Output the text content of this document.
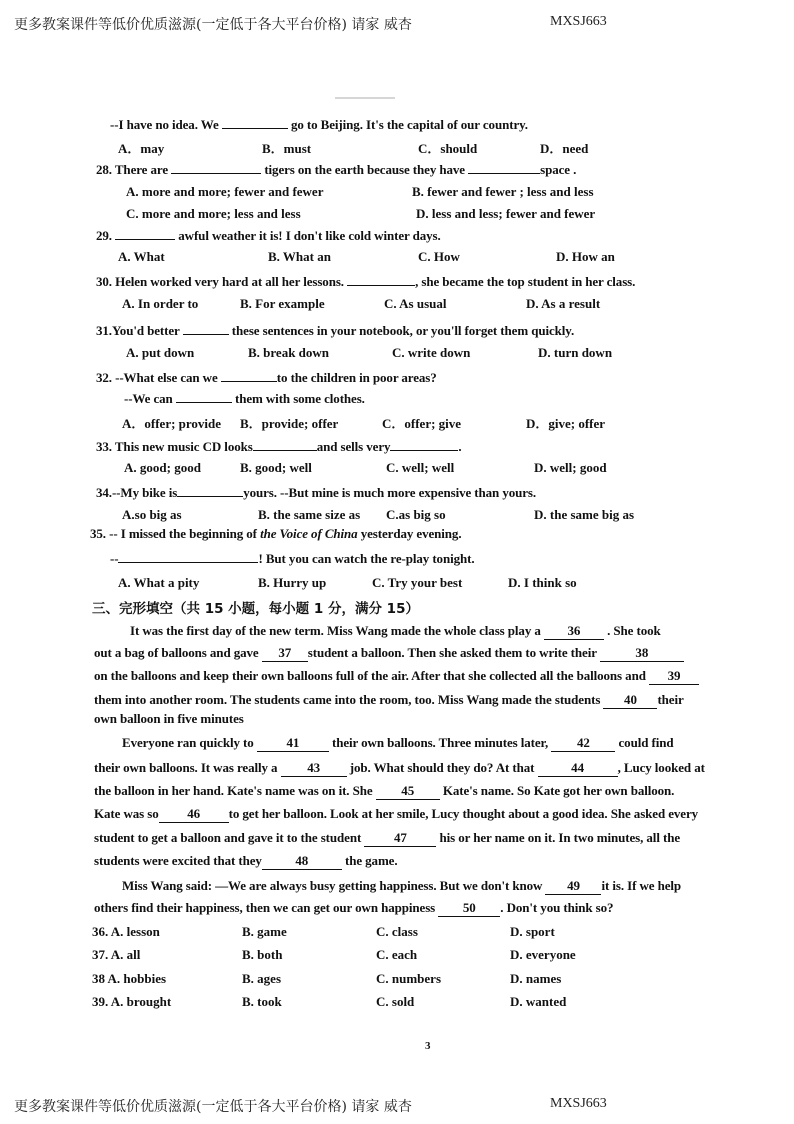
更多教案课件等低价优质滋源(一定低于各大平台价格) 请家 威杏	MXSJ663
--I have no idea. We	go to Beijing. It's the capital of our country.
A．may	B．must	C．should	D．need
28. There are	tigers on the earth because they have	space .
A. more and more; fewer and fewer	B. fewer and fewer ; less and less
C. more and more; less and less	D. less and less; fewer and fewer
29.	awful weather it is! I don't like cold winter days.
A. What	B. What an	C. How	D. How an
30. Helen worked very hard at all her lessons.	, she became the top student in her class.
A. In order to	B. For example	C. As usual	D. As a result
31.You'd better	these sentences in your notebook, or you'll forget them quickly.
A. put down	B. break down	C. write down	D. turn down
32. --What else can we	to the children in poor areas?
--We can	them with some clothes.
A．offer; provide B．provide; offer	C．offer; give	D．give; offer
33. This new music CD looks	and sells very	.
A. good; good	B. good; well	C. well; well	D. well; good
34.--My bike is	yours. --But mine is much more expensive than yours.
A.so big as	B. the same size as C.as big so	D. the same big as
35. -- I missed the beginning of the Voice of China yesterday evening.
--	! But you can watch the re-play tonight.
A. What a pity	B. Hurry up	C. Try your best	D. I think so
三、完形填空（共 15 小题，每小题 1 分，满分 15）
It was the first day of the new term. Miss Wang made the whole class play a 36 . She took
out a bag of balloons and gave 37 student a balloon. Then she asked them to write their	38
on the balloons and keep their own balloons full of the air. After that she collected all the balloons and 39
them into another room. The students came into the room, too. Miss Wang made the students 40 their
own balloon in five minutes
Everyone ran quickly to	41	their own balloons. Three minutes later, 42 could find
their own balloons. It was really a 43 job. What should they do? At that	44	, Lucy looked at
the balloon in her hand. Kate's name was on it. She 45 Kate's name. So Kate got her own balloon.
Kate was so 46 to get her balloon. Look at her smile, Lucy thought about a good idea. She asked every
student to get a balloon and gave it to the student	47	his or her name on it. In two minutes, all the
students were excited that they	48	the game.
Miss Wang said: —We are always busy getting happiness. But we don't know 49 it is. If we help
others find their happiness, then we can get our own happiness 50 . Don't you think so?
36. A. lesson	B. game	C. class	D. sport
37. A. all	B. both	C. each	D. everyone
38 A. hobbies	B. ages	C. numbers	D. names
39. A. brought	B. took	C. sold	D. wanted
3
更多教案课件等低价优质滋源(一定低于各大平台价格) 请家 威杏	MXSJ663
